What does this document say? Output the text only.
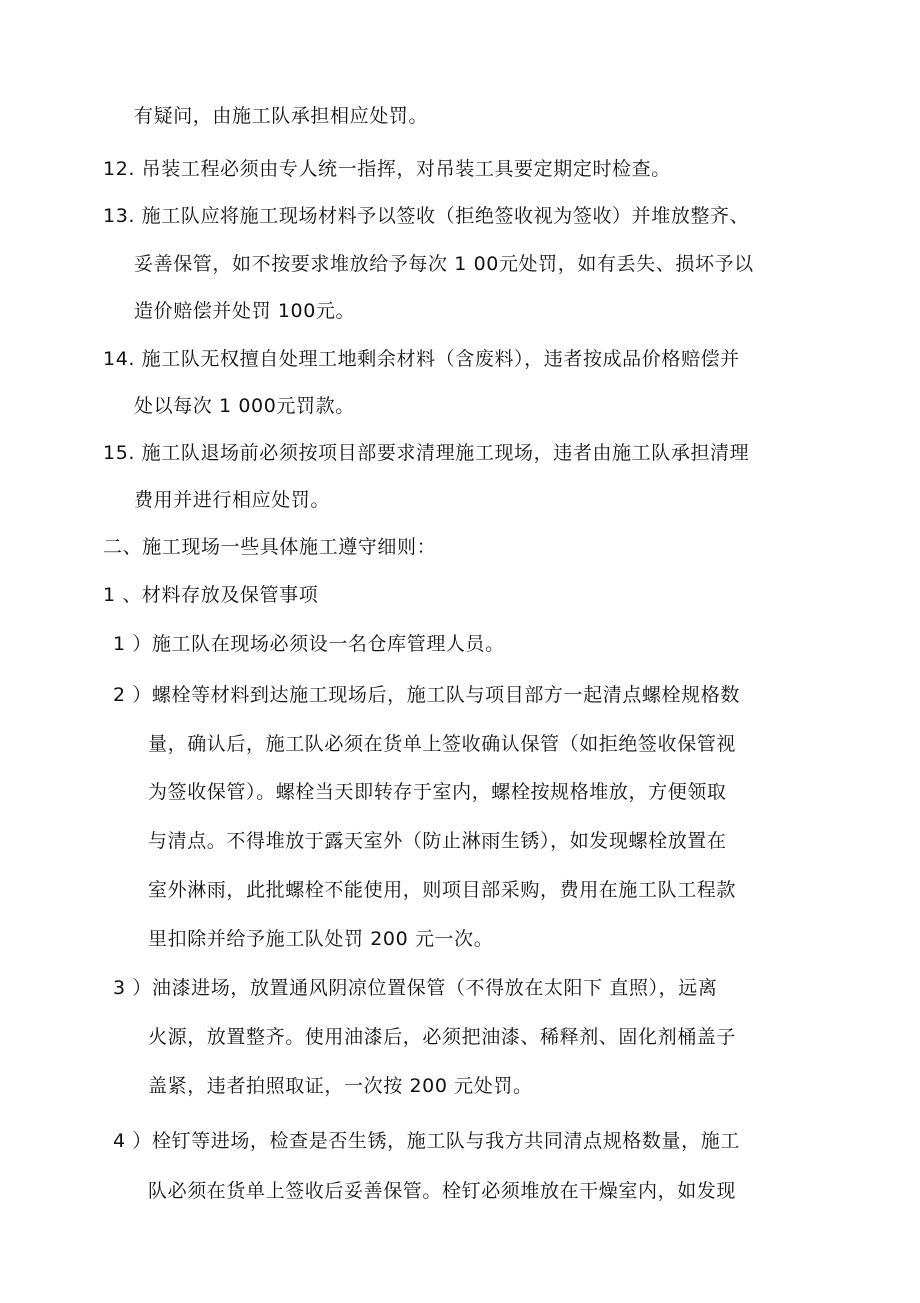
有疑问，由施工队承担相应处罚。
12. 吊装工程必须由专人统一指挥，对吊装工具要定期定时检查。
13. 施工队应将施工现场材料予以签收（拒绝签收视为签收）并堆放整齐、
妥善保管，如不按要求堆放给予每次 1 00元处罚，如有丢失、损坏予以
造价赔偿并处罚 100元。
14. 施工队无权擅自处理工地剩余材料（含废料），违者按成品价格赔偿并
处以每次 1 000元罚款。
15. 施工队退场前必须按项目部要求清理施工现场，违者由施工队承担清理
费用并进行相应处罚。
二、施工现场一些具体施工遵守细则：
1 、材料存放及保管事项
1 ）施工队在现场必须设一名仓库管理人员。
2 ）螺栓等材料到达施工现场后，施工队与项目部方一起清点螺栓规格数
量，确认后，施工队必须在货单上签收确认保管（如拒绝签收保管视
为签收保管）。螺栓当天即转存于室内，螺栓按规格堆放，方便领取
与清点。不得堆放于露天室外（防止淋雨生锈），如发现螺栓放置在
室外淋雨，此批螺栓不能使用，则项目部采购，费用在施工队工程款
里扣除并给予施工队处罚 200 元一次。
3 ）油漆进场，放置通风阴凉位置保管（不得放在太阳下 直照），远离
火源，放置整齐。使用油漆后，必须把油漆、稀释剂、固化剂桶盖子
盖紧，违者拍照取证，一次按 200 元处罚。
4 ）栓钉等进场，检查是否生锈，施工队与我方共同清点规格数量，施工
队必须在货单上签收后妥善保管。栓钉必须堆放在干燥室内，如发现
